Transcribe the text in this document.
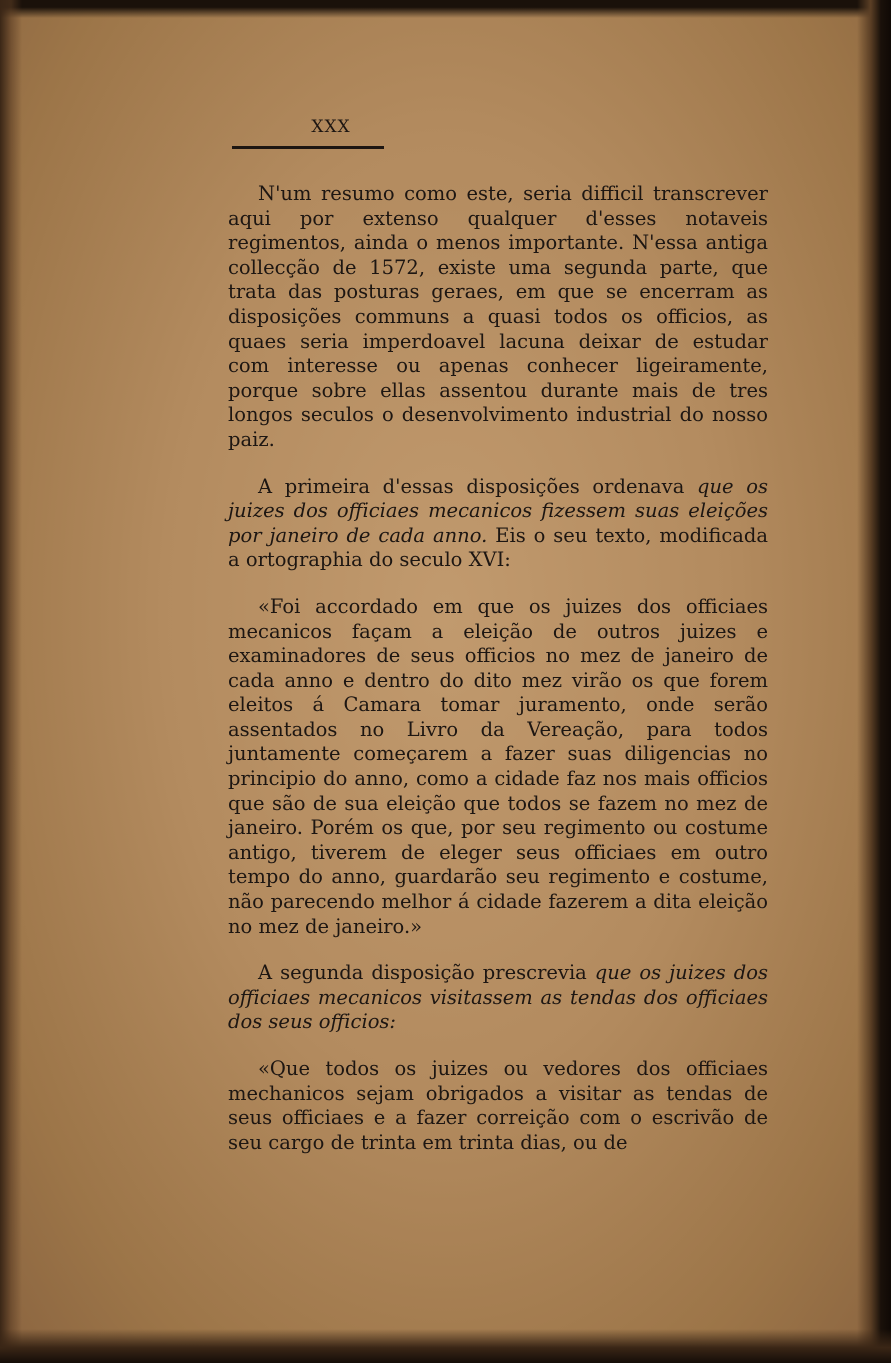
XXX

N'um resumo como este, seria difficil transcrever aqui por extenso qualquer d'esses notaveis regimentos, ainda o menos importante. N'essa antiga collecção de 1572, existe uma segunda parte, que trata das posturas geraes, em que se encerram as disposições communs a quasi todos os officios, as quaes seria imperdoavel lacuna deixar de estudar com interesse ou apenas conhecer ligeiramente, porque sobre ellas assentou durante mais de tres longos seculos o desenvolvimento industrial do nosso paiz.

A primeira d'essas disposições ordenava que os juizes dos officiaes mecanicos fizessem suas eleições por janeiro de cada anno. Eis o seu texto, modificada a ortographia do seculo XVI:

«Foi accordado em que os juizes dos officiaes mecanicos façam a eleição de outros juizes e examinadores de seus officios no mez de janeiro de cada anno e dentro do dito mez virão os que forem eleitos á Camara tomar juramento, onde serão assentados no Livro da Vereação, para todos juntamente começarem a fazer suas diligencias no principio do anno, como a cidade faz nos mais officios que são de sua eleição que todos se fazem no mez de janeiro. Porém os que, por seu regimento ou costume antigo, tiverem de eleger seus officiaes em outro tempo do anno, guardarão seu regimento e costume, não parecendo melhor á cidade fazerem a dita eleição no mez de janeiro.»

A segunda disposição prescrevia que os juizes dos officiaes mecanicos visitassem as tendas dos officiaes dos seus officios:

«Que todos os juizes ou vedores dos officiaes mechanicos sejam obrigados a visitar as tendas de seus officiaes e a fazer correição com o escrivão de seu cargo de trinta em trinta dias, ou de
